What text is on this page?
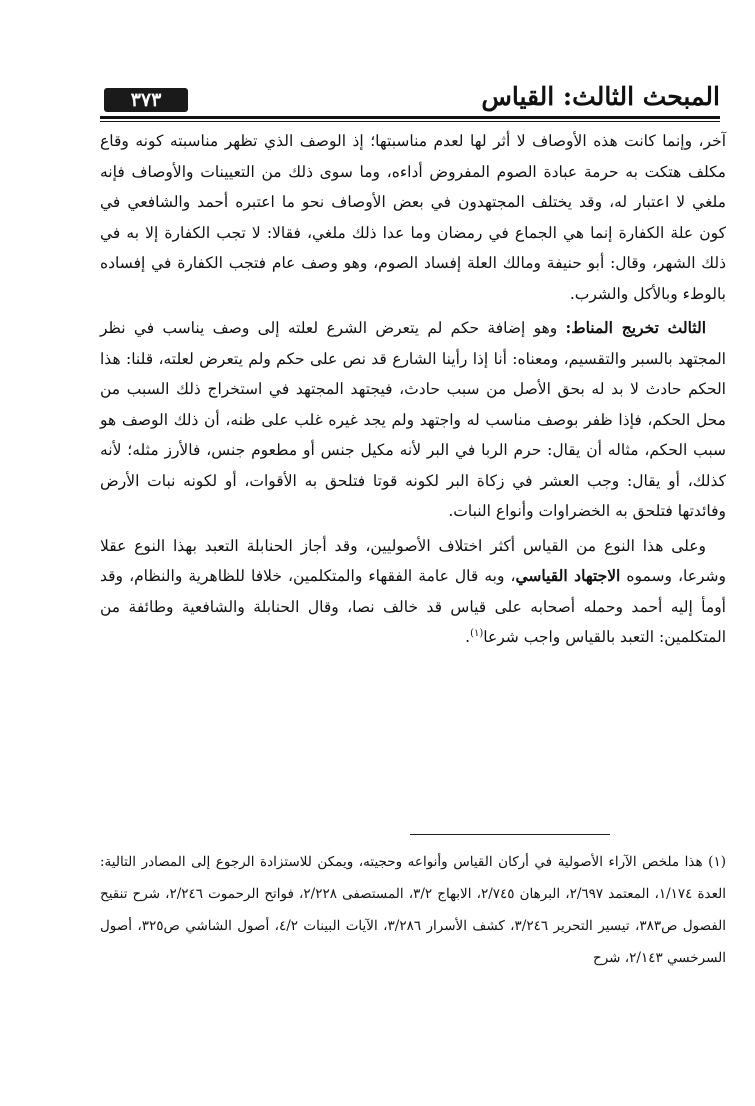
المبحث الثالث: القياس
٣٧٣

آخر، وإنما كانت هذه الأوصاف لا أثر لها لعدم مناسبتها؛ إذ الوصف الذي تظهر مناسبته كونه وقاع مكلف هتكت به حرمة عبادة الصوم المفروض أداءه، وما سوى ذلك من التعيينات والأوصاف فإنه ملغي لا اعتبار له، وقد يختلف المجتهدون في بعض الأوصاف نحو ما اعتبره أحمد والشافعي في كون علة الكفارة إنما هي الجماع في رمضان وما عدا ذلك ملغي، فقالا: لا تجب الكفارة إلا به في ذلك الشهر، وقال: أبو حنيفة ومالك العلة إفساد الصوم، وهو وصف عام فتجب الكفارة في إفساده بالوطء وبالأكل والشرب.

الثالث تخريج المناط: وهو إضافة حكم لم يتعرض الشرع لعلته إلى وصف يناسب في نظر المجتهد بالسبر والتقسيم، ومعناه: أنا إذا رأينا الشارع قد نص على حكم ولم يتعرض لعلته، قلنا: هذا الحكم حادث لا بد له بحق الأصل من سبب حادث، فيجتهد المجتهد في استخراج ذلك السبب من محل الحكم، فإذا ظفر بوصف مناسب له واجتهد ولم يجد غيره غلب على ظنه، أن ذلك الوصف هو سبب الحكم، مثاله أن يقال: حرم الربا في البر لأنه مكيل جنس أو مطعوم جنس، فالأرز مثله؛ لأنه كذلك، أو يقال: وجب العشر في زكاة البر لكونه قوتا فتلحق به الأقوات، أو لكونه نبات الأرض وفائدتها فتلحق به الخضراوات وأنواع النبات.

وعلى هذا النوع من القياس أكثر اختلاف الأصوليين، وقد أجاز الحنابلة التعبد بهذا النوع عقلا وشرعا، وسموه الاجتهاد القياسي، وبه قال عامة الفقهاء والمتكلمين، خلافا للظاهرية والنظام، وقد أومأ إليه أحمد وحمله أصحابه على قياس قد خالف نصا، وقال الحنابلة والشافعية وطائفة من المتكلمين: التعبد بالقياس واجب شرعا$^{(١)}$.

(١) هذا ملخص الآراء الأصولية في أركان القياس وأنواعه وحجيته، ويمكن للاستزادة الرجوع إلى المصادر التالية: العدة ١/١٧٤، المعتمد ٢/٦٩٧، البرهان ٢/٧٤٥، الابهاج ٣/٢، المستصفى ٢/٢٢٨، فواتح الرحموت ٢/٢٤٦، شرح تنقيح الفصول ص٣٨٣، تيسير التحرير ٣/٢٤٦، كشف الأسرار ٣/٢٨٦، الآيات البينات ٤/٢، أصول الشاشي ص٣٢٥، أصول السرخسي ٢/١٤٣، شرح
